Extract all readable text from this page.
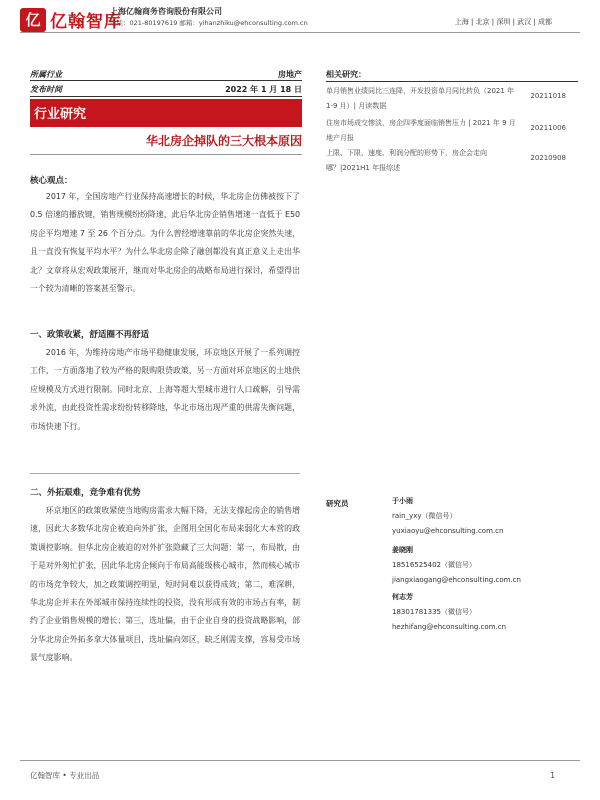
亿 亿翰智库
上海亿翰商务咨询股份有限公司
电话：021-80197619 邮箱：yihanzhiku@ehconsulting.com.cn	上海 | 北京 | 深圳 | 武汉 | 成都
所属行业	房地产
发布时间	2022 年 1 月 18 日
行业研究
华北房企掉队的三大根本原因
相关研究：
单月销售业绩同比三连降，开发投资单月同比转负（2021 年 1-9 月）| 月读数据
20211018
住房市场成交惨淡，房企四季度面临销售压力 | 2021 年 9 月地产月报
20211006
上限、下限、速度、利润分配的形势下，房企会走向哪？|2021H1 年报综述
20210908
核心观点：

2017 年，全国房地产行业保持高速增长的时候，华北房企仿佛被按下了 0.5 倍速的播放键，销售规模纷纷降速，此后华北房企销售增速一直低于 E50 房企平均增速 7 至 26 个百分点。为什么曾经增速靠前的华北房企突然失速，且一直没有恢复平均水平？为什么华北房企除了融创都没有真正意义上走出华北？文章将从宏观政策展开，继而对华北房企的战略布局进行探讨，希望得出一个较为清晰的答案甚至警示。

一、政策收紧，舒适圈不再舒适

2016 年，为维持房地产市场平稳健康发展，环京地区开展了一系列调控工作，一方面落地了较为严格的限购限贷政策，另一方面对环京地区的土地供应规模及方式进行限制。同时北京、上海等超大型城市进行人口疏解，引导需求外流，由此投资性需求纷纷转移降地，华北市场出现严重的供需失衡问题，市场快速下行。

二、外拓艰难，竞争难有优势

环京地区的政策收紧使当地购房需求大幅下降，无法支撑起房企的销售增速，因此大多数华北房企被迫向外扩张，企图用全国化布局来弱化大本营的政策调控影响。但华北房企被迫的对外扩张隐藏了三大问题：第一，布局散，由于是对外匆忙扩张，因此华北房企倾向于布局高能级核心城市，然而核心城市的市场竞争较大，加之政策调控明显，短时间难以获得成效；第二，难深耕，华北房企并未在外部城市保持连续性的投资，没有形成有效的市场占有率，制约了企业销售规模的增长；第三，选址偏，由于企业自身的投资战略影响，部分华北房企外拓多拿大体量项目，选址偏向郊区，缺乏刚需支撑，容易受市场景气度影响。

研究员	于小雨
rain_yxy（微信号）
yuxiaoyu@ehconsulting.com.cn
姜晓刚
18516525402（微信号）
jiangxiaogang@ehconsulting.com.cn
何志芳
18301781335（微信号）
hezhifang@ehconsulting.com.cn
亿翰智库 • 专业出品	1
